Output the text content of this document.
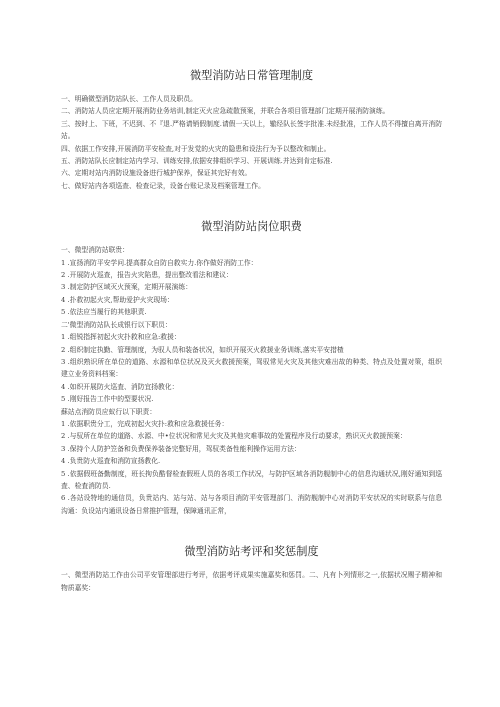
微型消防站日常管理制度

一、明确微型消防站队长、工作人员及职员。

二、消防站人员应定期开展消防业务培训,制定灭火应急疏散预案，并联合各项目管理部门定期开展消防演练。

三、按时上、下班，不迟到、不『退.严格请销假制度.请假一天以上，辙经队长签字批准.未经批准，工作人员不得擅自离开消防站。

四、依据工作安排,开展消防平安检查,对于发觉的火灾的隐患和设法行为予以整改和制止。

五、消防站队长应制定站内学习、训练安排,依据安排组织学习、开展训练.并达到肯定标准.

六、定期对站内消防设施设备进行城护保养，保证其完好有效。

七、做好站内各项巡查、检查记录，设备台账记录及档案管理工作。

微型消防站岗位职费

一、微型消防站联贵：

1 .宣扬消防平安学问.提高群众自防自救实力.你作做好消防工作：

2 .开展防火巡查，报告火灾陷患，提出整改看法和建议：

3 .制定防护区域灭火预案，定期开展演练：

4 .扑救初起火灾,帮助爱护火灾现场：

5 .依法应当履行的其他职责.

二'微型消防站队长成银行以下职员：

1 .组锐指挥初起火灾扑救和应急:救援：

2 .组织制定执勤、管理制度，为驭人员和装备状况，如织开展灭火救援业务训练,落实平安措楂

3 .组织熟识所在单位的道路、水源和单位状况及灭火救援预案，驾驭常见火灾及其他灾难出故的种类、特点及处置对策，组织建立业务资料档案：

4 .如织开展防火巡査、消防宜扬教化：

5 .刚好报告工作中的型要状况.

蘇站点消防员应蚁行以下职责：

1 .依据职贵分工，完成初起火灾扑:救和应急救援任务：

2 .与驭所在单位的道路、水源、中•位状况和常见火灾及其他灾难事故的处置程序及行动要求，熟识灭火救援预案：

3 .保持个人防护笠备和负费保养装备完整好用，驾驭类备性能利操作运用方法：

4 .负贵防火巡査和消防宣扬教化.

5 .依据假班备勤制度，班长拘负酷督检查假班人员的各项工作状况，与防护区域各消防舰制中心的信息沟通状况,刚好通知到巡査、检査消防员.

6 .各站设特地的通信员，负贵站内、站与站、站与各项目消防平安管理部门、消防舰制中心对消防平安状况的实时联系与信息沟通：负设站内通讯设备日常推护管理，保障通讯正常，

微型消防站考评和奖惩制度

一、微型消防站工作由公司平安管理部进行考评，依据考评成果实施嘉奖和惩罚。二、凡有卜列情形之一,依据状况赐子精神和物质嘉奖：
